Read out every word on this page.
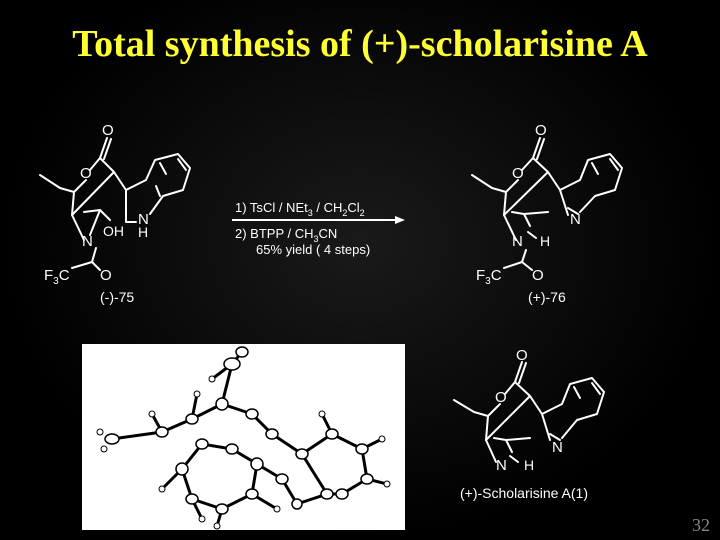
Total synthesis of (+)-scholarisine A
O
O
N
H
OH
N
O
$F_3C$
(-)-75
1) TsCl / $NEt_3 / CH_2Cl_2$
2) BTPP / $CH_3CN$
65% yield ( 4 steps)
O
O
N
N H
O
$F_3C$
(+)-76
O
O
N
N H
(+)-Scholarisine A(1)
32
